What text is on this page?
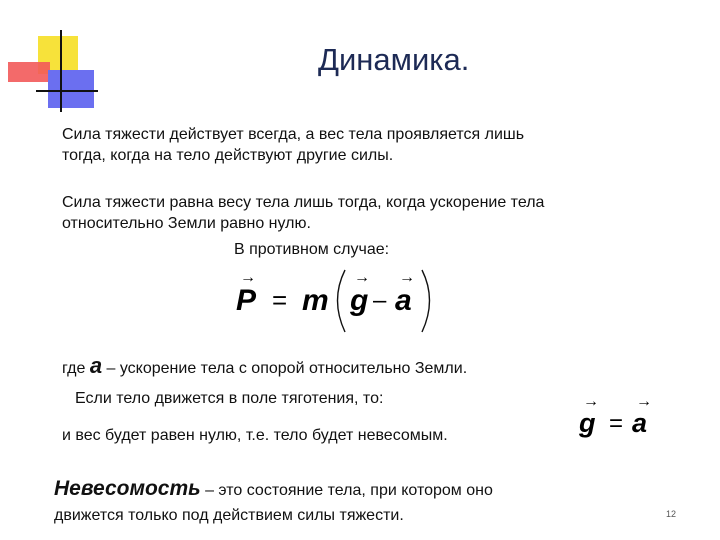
Динамика.
Сила тяжести действует всегда, а вес тела проявляется лишь
тогда, когда на тело действуют другие силы.
Сила тяжести равна весу тела лишь тогда, когда ускорение тела
относительно Земли равно нулю.
В противном случае:
→
P = m
→
g –
→
a
где a – ускорение тела с опорой относительно Земли.
Если тело движется в поле тяготения, то:	→
g =
→
a
и вес будет равен нулю, т.е. тело будет невесомым.
Невесомость – это состояние тела, при котором оно
движется только под действием силы тяжести.	12
